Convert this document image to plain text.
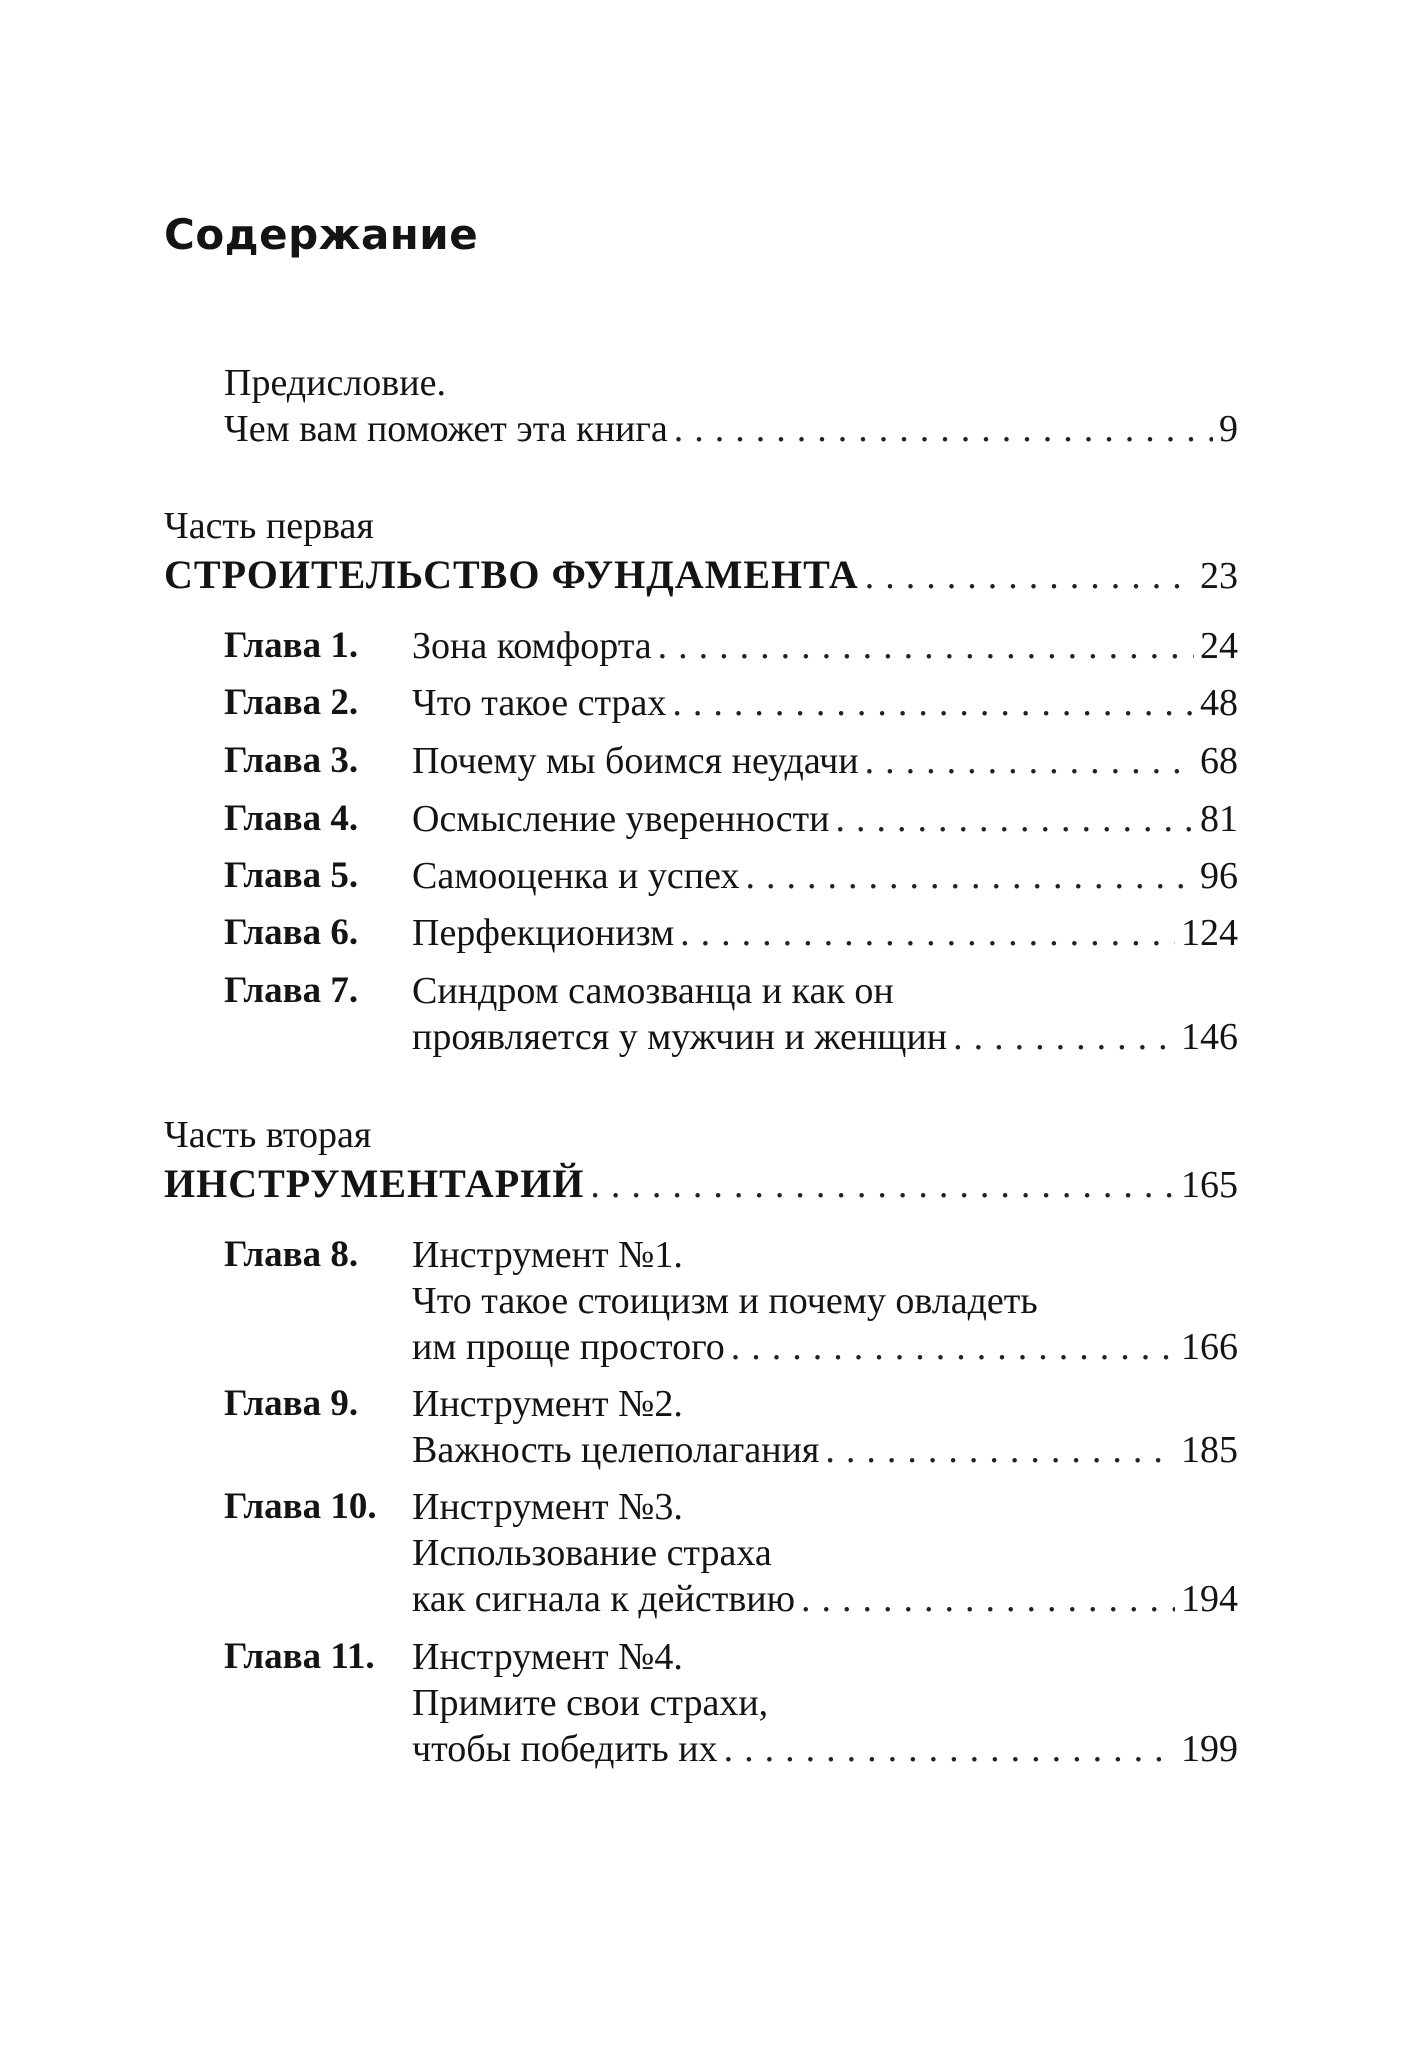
Содержание
Предисловие.
Чем вам поможет эта книга .....	9
Часть первая
СТРОИТЕЛЬСТВО ФУНДАМЕНТА .....	23
Глава 1. Зона комфорта .....	24
Глава 2. Что такое страх .....	48
Глава 3. Почему мы боимся неудачи .....	68
Глава 4. Осмысление уверенности .....	81
Глава 5. Самооценка и успех .....	96
Глава 6. Перфекционизм .....	124
Глава 7. Синдром самозванца и как он
проявляется у мужчин и женщин .....	146
Часть вторая
ИНСТРУМЕНТАРИЙ .....	165
Глава 8. Инструмент №1.
Что такое стоицизм и почему овладеть
им проще простого .....	166
Глава 9. Инструмент №2.
Важность целеполагания .....	185
Глава 10. Инструмент №3.
Использование страха
как сигнала к действию .....	194
Глава 11. Инструмент №4.
Примите свои страхи,
чтобы победить их .....	199
